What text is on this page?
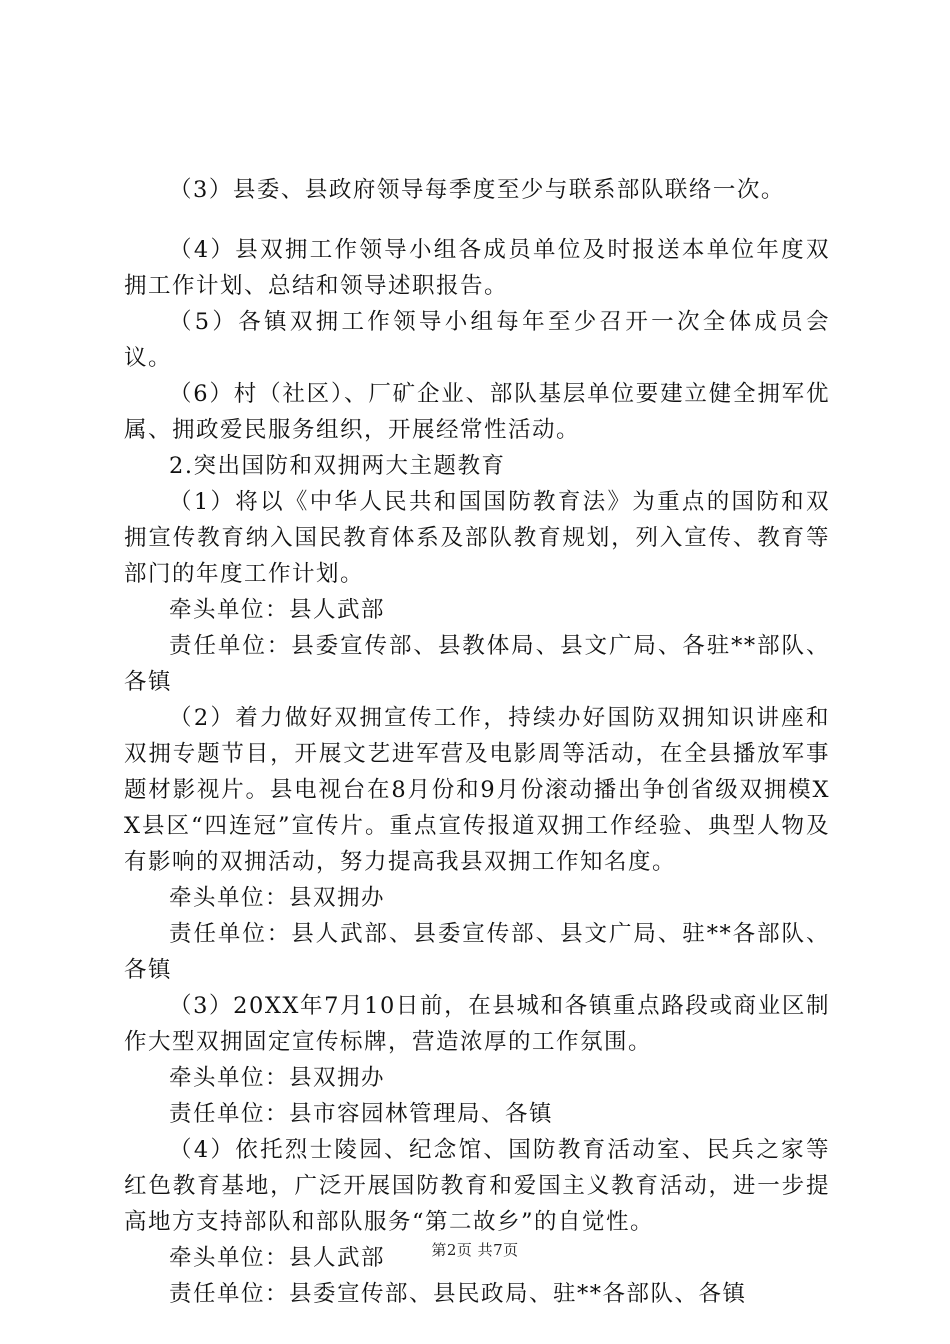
（3）县委、县政府领导每季度至少与联系部队联络一次。

（4）县双拥工作领导小组各成员单位及时报送本单位年度双拥工作计划、总结和领导述职报告。

（5）各镇双拥工作领导小组每年至少召开一次全体成员会议。

（6）村（社区）、厂矿企业、部队基层单位要建立健全拥军优属、拥政爱民服务组织，开展经常性活动。

2.突出国防和双拥两大主题教育

（1）将以《中华人民共和国国防教育法》为重点的国防和双拥宣传教育纳入国民教育体系及部队教育规划，列入宣传、教育等部门的年度工作计划。

牵头单位：县人武部

责任单位：县委宣传部、县教体局、县文广局、各驻**部队、各镇

（2）着力做好双拥宣传工作，持续办好国防双拥知识讲座和双拥专题节目，开展文艺进军营及电影周等活动，在全县播放军事题材影视片。县电视台在8月份和9月份滚动播出争创省级双拥模XX县区“四连冠”宣传片。重点宣传报道双拥工作经验、典型人物及有影响的双拥活动，努力提高我县双拥工作知名度。

牵头单位：县双拥办

责任单位：县人武部、县委宣传部、县文广局、驻**各部队、各镇

（3）20XX年7月10日前，在县城和各镇重点路段或商业区制作大型双拥固定宣传标牌，营造浓厚的工作氛围。

牵头单位：县双拥办

责任单位：县市容园林管理局、各镇

（4）依托烈士陵园、纪念馆、国防教育活动室、民兵之家等红色教育基地，广泛开展国防教育和爱国主义教育活动，进一步提高地方支持部队和部队服务“第二故乡”的自觉性。

牵头单位：县人武部

责任单位：县委宣传部、县民政局、驻**各部队、各镇

第2页 共7页
